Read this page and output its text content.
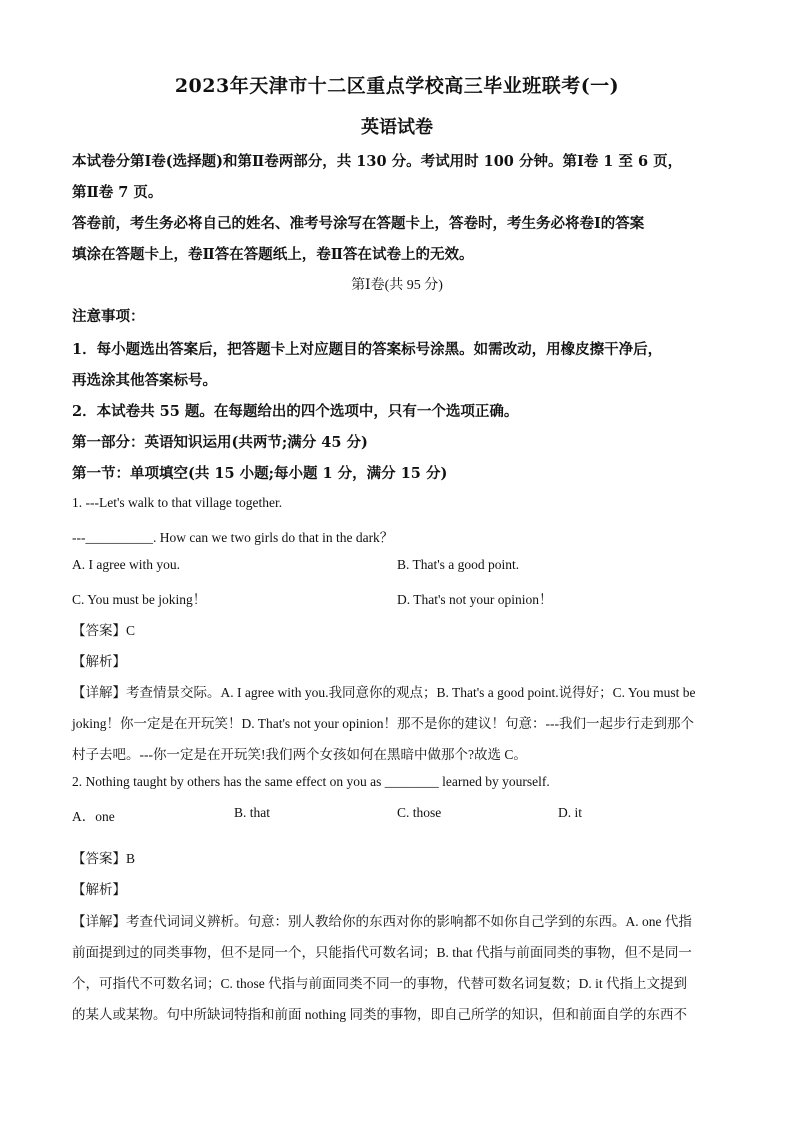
2023年天津市十二区重点学校高三毕业班联考(一)
英语试卷
本试卷分第Ⅰ卷(选择题)和第Ⅱ卷两部分，共 130 分。考试用时 100 分钟。第Ⅰ卷 1 至 6 页，
第Ⅱ卷 7 页。
答卷前，考生务必将自己的姓名、准考号涂写在答题卡上，答卷时，考生务必将卷Ⅰ的答案
填涂在答题卡上，卷Ⅱ答在答题纸上，卷Ⅱ答在试卷上的无效。
第Ⅰ卷(共 95 分)
注意事项：
1．每小题选出答案后，把答题卡上对应题目的答案标号涂黑。如需改动，用橡皮擦干净后，
再选涂其他答案标号。
2．本试卷共 55 题。在每题给出的四个选项中，只有一个选项正确。
第一部分：英语知识运用(共两节;满分 45 分)
第一节：单项填空(共 15 小题;每小题 1 分，满分 15 分)
1. ---Let's walk to that village together.
---__________. How can we two girls do that in the dark？
A. I agree with you.	B. That's a good point.
C. You must be joking！	D. That's not your opinion！
【答案】C
【解析】
【详解】考查情景交际。A. I agree with you.我同意你的观点；B. That's a good point.说得好；C. You must be
joking！你一定是在开玩笑！D. That's not your opinion！那不是你的建议！句意：---我们一起步行走到那个
村子去吧。---你一定是在开玩笑!我们两个女孩如何在黑暗中做那个?故选 C。
2. Nothing taught by others has the same effect on you as ________ learned by yourself.
A．one	B. that	C. those	D. it
【答案】B
【解析】
【详解】考查代词词义辨析。句意：别人教给你的东西对你的影响都不如你自己学到的东西。A. one 代指
前面提到过的同类事物，但不是同一个，只能指代可数名词；B. that 代指与前面同类的事物，但不是同一
个，可指代不可数名词；C. those 代指与前面同类不同一的事物，代替可数名词复数；D. it 代指上文提到
的某人或某物。句中所缺词特指和前面 nothing 同类的事物，即自己所学的知识，但和前面自学的东西不
